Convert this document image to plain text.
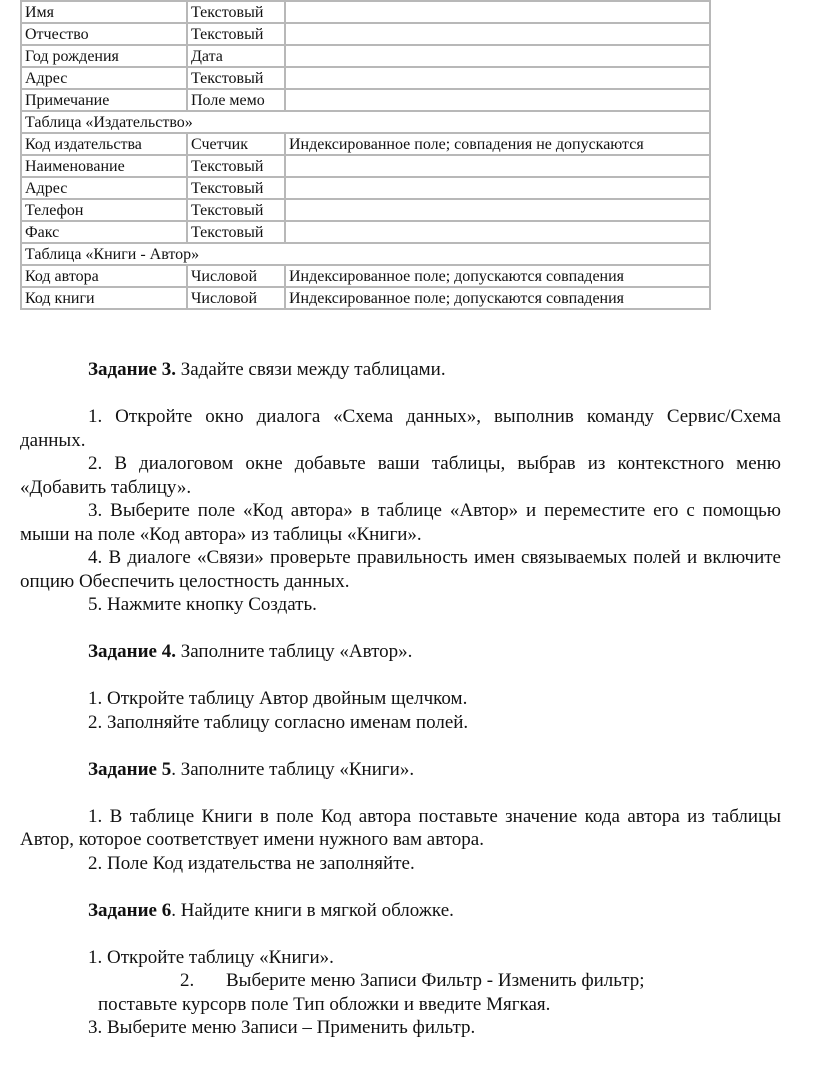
Имя	Текстовый	
Отчество	Текстовый	
Год рождения	Дата	
Адрес	Текстовый	
Примечание	Поле мемо	
Таблица «Издательство»		
Код издательства	Счетчик	Индексированное поле; совпадения не допускаются
Наименование	Текстовый	
Адрес	Текстовый	
Телефон	Текстовый	
Факс	Текстовый	
Таблица «Книги - Автор»		
Код автора	Числовой	Индексированное поле; допускаются совпадения
Код книги	Числовой	Индексированное поле; допускаются совпадения

Задание 3. Задайте связи между таблицами.

1. Откройте окно диалога «Схема данных», выполнив команду Сервис/Схема данных.

2. В диалоговом окне добавьте ваши таблицы, выбрав из контекстного меню «Добавить таблицу».

3. Выберите поле «Код автора» в таблице «Автор» и переместите его с помощью мыши на поле «Код автора» из таблицы «Книги».

4. В диалоге «Связи» проверьте правильность имен связываемых полей и включите опцию Обеспечить целостность данных.

5. Нажмите кнопку Создать.

Задание 4. Заполните таблицу «Автор».

1. Откройте таблицу Автор двойным щелчком.

2. Заполняйте таблицу согласно именам полей.

Задание 5. Заполните таблицу «Книги».

1. В таблице Книги в поле Код автора поставьте значение кода автора из таблицы Автор, которое соответствует имени нужного вам автора.

2. Поле Код издательства не заполняйте.

Задание 6. Найдите книги в мягкой обложке.

1. Откройте таблицу «Книги».

2. Выберите меню Записи Фильтр - Изменить фильтр;

поставьте курсорв поле Тип обложки и введите Мягкая.

3. Выберите меню Записи – Применить фильтр.
